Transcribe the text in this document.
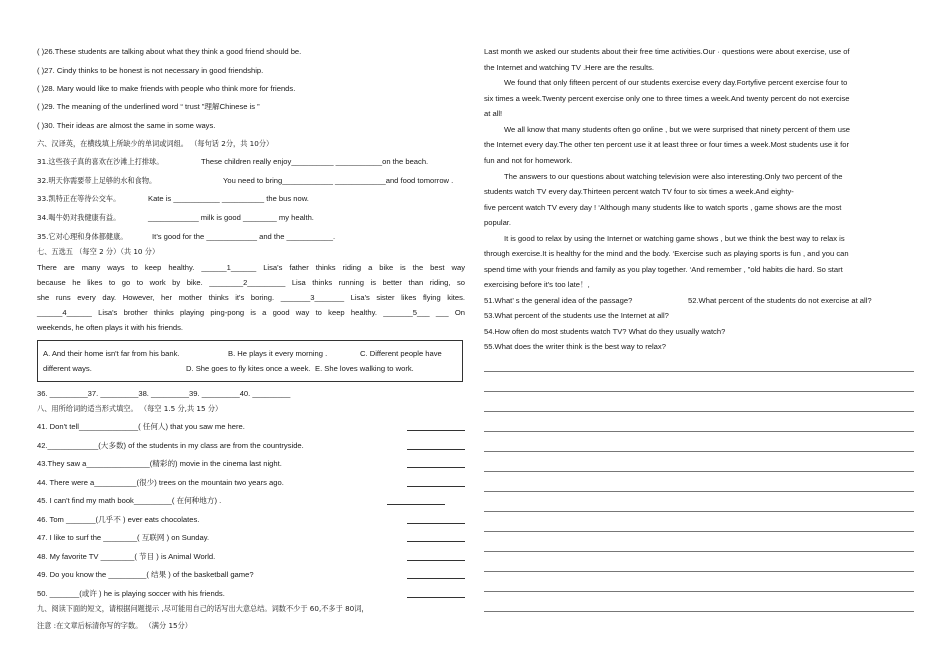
( )26.These students are talking about what they think a good friend should be.
( )27. Cindy thinks to be honest is not necessary in good friendship.
( )28. Mary would like to make friends with people who think more for friends.
( )29. The meaning of the underlined word “ trust ”理解Chinese is ”
( )30. Their ideas are almost the same in some ways.
六、汉译英，在横线填上所缺少的单词或词组。 （每句话 2分，共 10分）
31.这些孩子真的喜欢在沙滩上打排球。	These children really enjoy__________ ___________on the beach.
32.明天你需要带上足够的水和食物。	You need to bring____________ ____________and food tomorrow .
33.凯特正在等待公交车。	Kate is ___________ __________ the bus now.
34.喝牛奶对我健康有益。	____________ milk is good ________ my health.
35.它对心理和身体都健康。	It’s good for the ____________ and the ___________.
七、五选五 （每空 2 分）（共 10 分）
There are many ways to keep healthy. ______1______ Lisa's father thinks riding a bike is the best way
because he likes to go to work by bike. ________2_________ Lisa thinks running is better than riding, so
she runs every day. However, her mother thinks it's boring. _______3_______ Lisa's sister likes flying kites.
______4______ Lisa's brother thinks playing ping-pong is a good way to keep healthy. _______5___ ___ On
weekends, he often plays it with his friends.
A. And their home isn't far from his bank.	B. He plays it every morning .	C. Different people have
different ways.	D. She goes to fly kites once a week. E. She loves walking to work.
36. _________37. _________38. _________39. _________40. _________
八、用所给词的适当形式填空。 （每空 1.5 分,共 15 分）
41. Don't tell______________( 任何人) that you saw me here.
42.____________(大多数) of the students in my class are from the countryside.
43.They saw a_______________(精彩的) movie in the cinema last night.
44. There were a__________(很少) trees on the mountain two years ago.
45. I can't find my math book_________( 在何种地方) .
46. Tom _______(几乎不 ) ever eats chocolates.
47. I like to surf the ________( 互联网 ) on Sunday.
48. My favorite TV ________( 节目 ) is Animal World.
49. Do you know the _________( 结果 ) of the basketball game?
50. _______(或许 ) he is playing soccer with his friends.
九、阅读下面的短文，请根据问题提示 ,尽可能用自己的话写出大意总结。词数不少于 60,不多于 80词，
注意 :在文章后标清你写的字数。 （满分 15分）
Last month we asked our students about their free time activities.Our · questions were about exercise, use of
the Internet and watching TV .Here are the results.
We found that only fifteen percent of our students exercise every day.Fortyfive percent exercise four to
six times a week.Twenty percent exercise only one to three times a week.And twenty percent do not exercise
at all!
We all know that many students often go online , but we were surprised that ninety percent of them use
the Internet every day.The other ten percent use it at least three or four times a week.Most students use it for
fun and not for homework.
The answers to our questions about watching television were also interesting.Only two percent of the
students watch TV every day.Thirteen percent watch TV four to six times a week.And eighty-
five percent watch TV every day ! ‘Although many students like to watch sports , game shows are the most
popular.
It is good to relax by using the Internet or watching game shows , but we think the best way to relax is
through exercise.It is healthy for the mind and the body. ‘Exercise such as playing sports is fun , and you can
spend time with your friends and family as you play together. ‘And remember , ”old habits die hard. So start
exercising before it's too late！,
51.What’ s the general idea of the passage?	52.What percent of the students do not exercise at all?
53.What percent of the students use the Internet at all?
54.How often do most students watch TV? What do they usually watch?
55.What does the writer think is the best way to relax?
